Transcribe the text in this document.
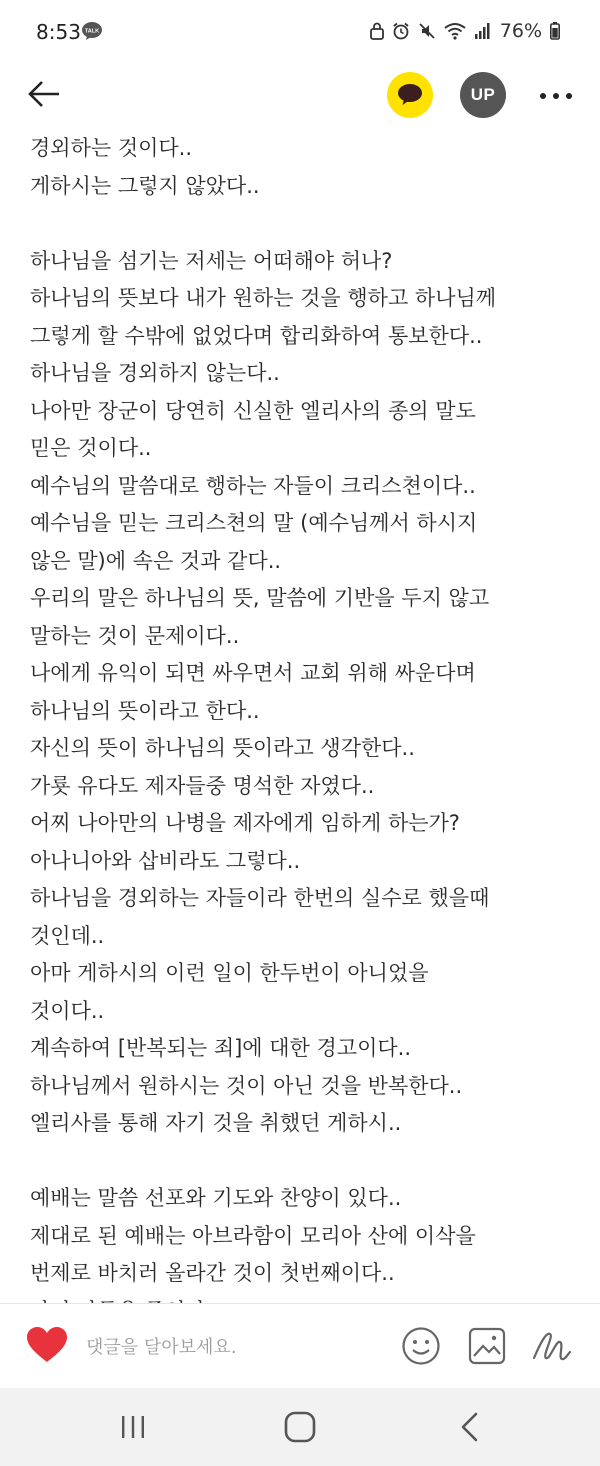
8:53 TALK	76%
UP
경외하는 것이다..
게하시는 그렇지 않았다..
하나님을 섬기는 저세는 어떠해야 허나?
하나님의 뜻보다 내가 원하는 것을 행하고 하나님께
그렇게 할 수밖에 없었다며 합리화하여 통보한다..
하나님을 경외하지 않는다..
나아만 장군이 당연히 신실한 엘리사의 종의 말도
믿은 것이다..
예수님의 말씀대로 행하는 자들이 크리스쳔이다..
예수님을 믿는 크리스쳔의 말 (예수님께서 하시지
않은 말)에 속은 것과 같다..
우리의 말은 하나님의 뜻, 말씀에 기반을 두지 않고
말하는 것이 문제이다..
나에게 유익이 되면 싸우면서 교회 위해 싸운다며
하나님의 뜻이라고 한다..
자신의 뜻이 하나님의 뜻이라고 생각한다..
가룟 유다도 제자들중 명석한 자였다..
어찌 나아만의 나병을 제자에게 임하게 하는가?
아나니아와 삽비라도 그렇다..
하나님을 경외하는 자들이라 한번의 실수로 했을때
것인데..
아마 게하시의 이런 일이 한두번이 아니었을
것이다..
계속하여 [반복되는 죄]에 대한 경고이다..
하나님께서 원하시는 것이 아닌 것을 반복한다..
엘리사를 통해 자기 것을 취했던 게하시..
예배는 말씀 선포와 기도와 찬양이 있다..
제대로 된 예배는 아브라함이 모리아 산에 이삭을
번제로 바치러 올라간 것이 첫번째이다..
댓글을 달아보세요.
